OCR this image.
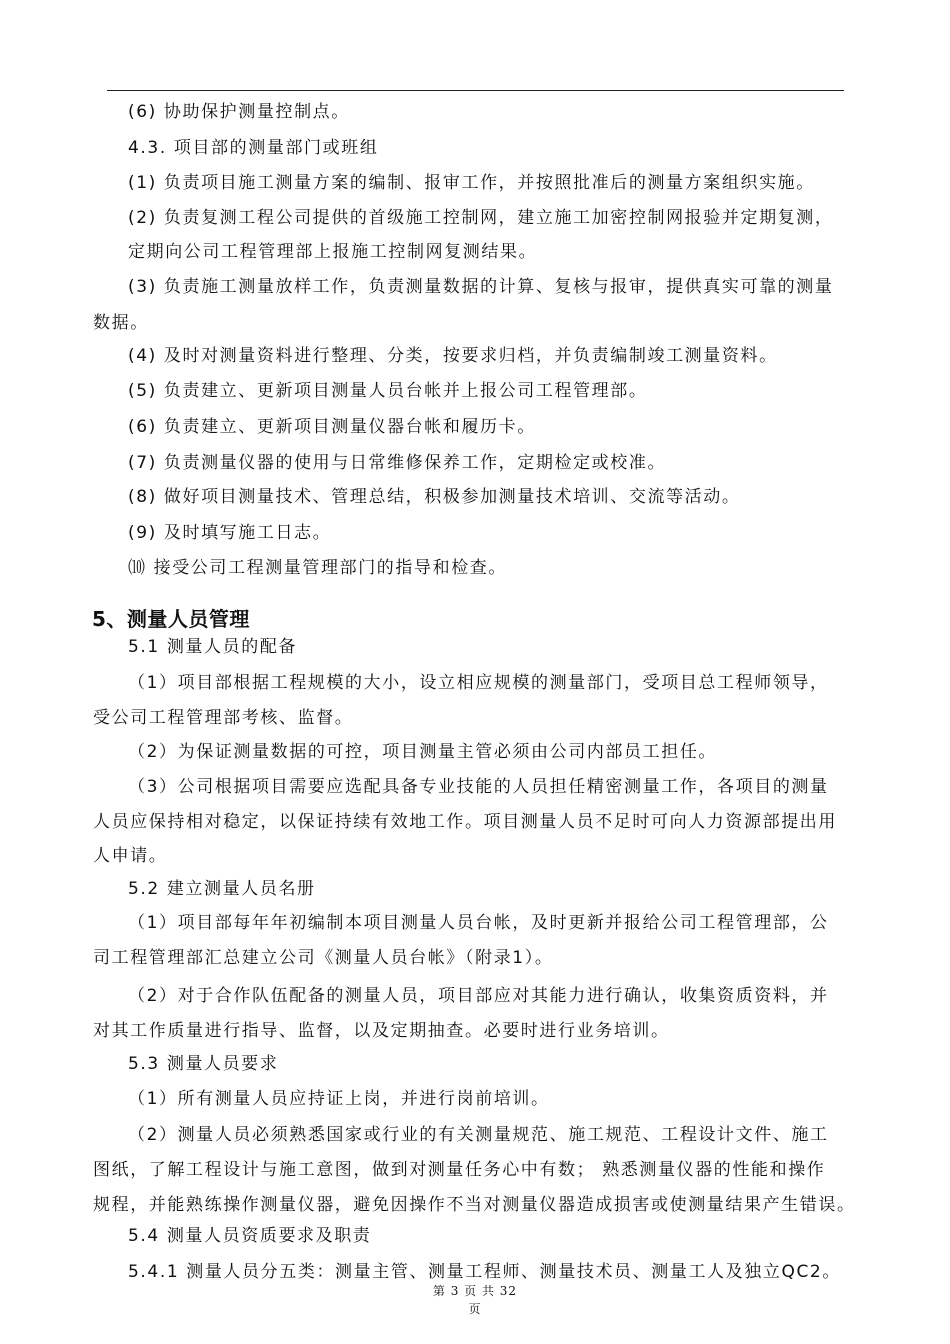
(6) 协助保护测量控制点。
4.3. 项目部的测量部门或班组
(1) 负责项目施工测量方案的编制、报审工作，并按照批准后的测量方案组织实施。
(2) 负责复测工程公司提供的首级施工控制网，建立施工加密控制网报验并定期复测，
定期向公司工程管理部上报施工控制网复测结果。
(3) 负责施工测量放样工作，负责测量数据的计算、复核与报审，提供真实可靠的测量
数据。
(4) 及时对测量资料进行整理、分类，按要求归档，并负责编制竣工测量资料。
(5) 负责建立、更新项目测量人员台帐并上报公司工程管理部。
(6) 负责建立、更新项目测量仪器台帐和履历卡。
(7) 负责测量仪器的使用与日常维修保养工作，定期检定或校准。
(8) 做好项目测量技术、管理总结，积极参加测量技术培训、交流等活动。
(9) 及时填写施工日志。
⑽ 接受公司工程测量管理部门的指导和检查。
5、测量人员管理
5.1 测量人员的配备
（1）项目部根据工程规模的大小，设立相应规模的测量部门，受项目总工程师领导，
受公司工程管理部考核、监督。
（2）为保证测量数据的可控，项目测量主管必须由公司内部员工担任。
（3）公司根据项目需要应选配具备专业技能的人员担任精密测量工作，各项目的测量
人员应保持相对稳定，以保证持续有效地工作。项目测量人员不足时可向人力资源部提出用
人申请。
5.2 建立测量人员名册
（1）项目部每年年初编制本项目测量人员台帐，及时更新并报给公司工程管理部，公
司工程管理部汇总建立公司《测量人员台帐》（附录1）。
（2）对于合作队伍配备的测量人员，项目部应对其能力进行确认，收集资质资料，并
对其工作质量进行指导、监督，以及定期抽查。必要时进行业务培训。
5.3 测量人员要求
（1）所有测量人员应持证上岗，并进行岗前培训。
（2）测量人员必须熟悉国家或行业的有关测量规范、施工规范、工程设计文件、施工
图纸，了解工程设计与施工意图，做到对测量任务心中有数； 熟悉测量仪器的性能和操作
规程，并能熟练操作测量仪器，避免因操作不当对测量仪器造成损害或使测量结果产生错误。
5.4 测量人员资质要求及职责
5.4.1 测量人员分五类：测量主管、测量工程师、测量技术员、测量工人及独立QC2。
第 3 页 共 32
页
